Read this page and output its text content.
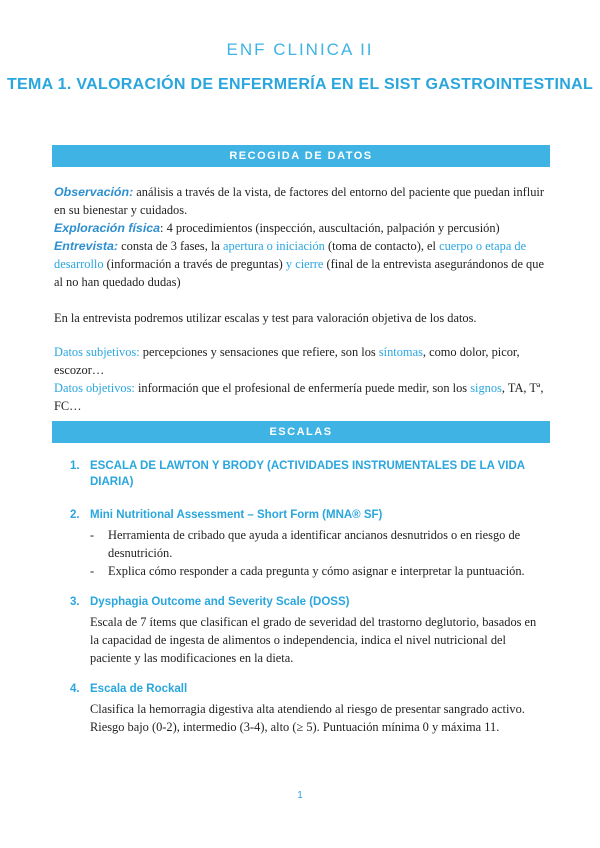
ENF CLINICA II
TEMA 1. VALORACIÓN DE ENFERMERÍA EN EL SIST GASTROINTESTINAL
RECOGIDA DE DATOS
Observación: análisis a través de la vista, de factores del entorno del paciente que puedan influir en su bienestar y cuidados.
Exploración física: 4 procedimientos (inspección, auscultación, palpación y percusión)
Entrevista: consta de 3 fases, la apertura o iniciación (toma de contacto), el cuerpo o etapa de desarrollo (información a través de preguntas) y cierre (final de la entrevista asegurándonos de que al no han quedado dudas)
En la entrevista podremos utilizar escalas y test para valoración objetiva de los datos.
Datos subjetivos: percepciones y sensaciones que refiere, son los síntomas, como dolor, picor, escozor…
Datos objetivos: información que el profesional de enfermería puede medir, son los signos, TA, Tª, FC…
ESCALAS
1. ESCALA DE LAWTON Y BRODY (ACTIVIDADES INSTRUMENTALES DE LA VIDA DIARIA)
2. Mini Nutritional Assessment – Short Form (MNA® SF)
-	Herramienta de cribado que ayuda a identificar ancianos desnutridos o en riesgo de desnutrición.
-	Explica cómo responder a cada pregunta y cómo asignar e interpretar la puntuación.
3. Dysphagia Outcome and Severity Scale (DOSS)
Escala de 7 ítems que clasifican el grado de severidad del trastorno deglutorio, basados en la capacidad de ingesta de alimentos o independencia, indica el nivel nutricional del paciente y las modificaciones en la dieta.
4. Escala de Rockall
Clasifica la hemorragia digestiva alta atendiendo al riesgo de presentar sangrado activo. Riesgo bajo (0-2), intermedio (3-4), alto (≥ 5). Puntuación mínima 0 y máxima 11.
1
